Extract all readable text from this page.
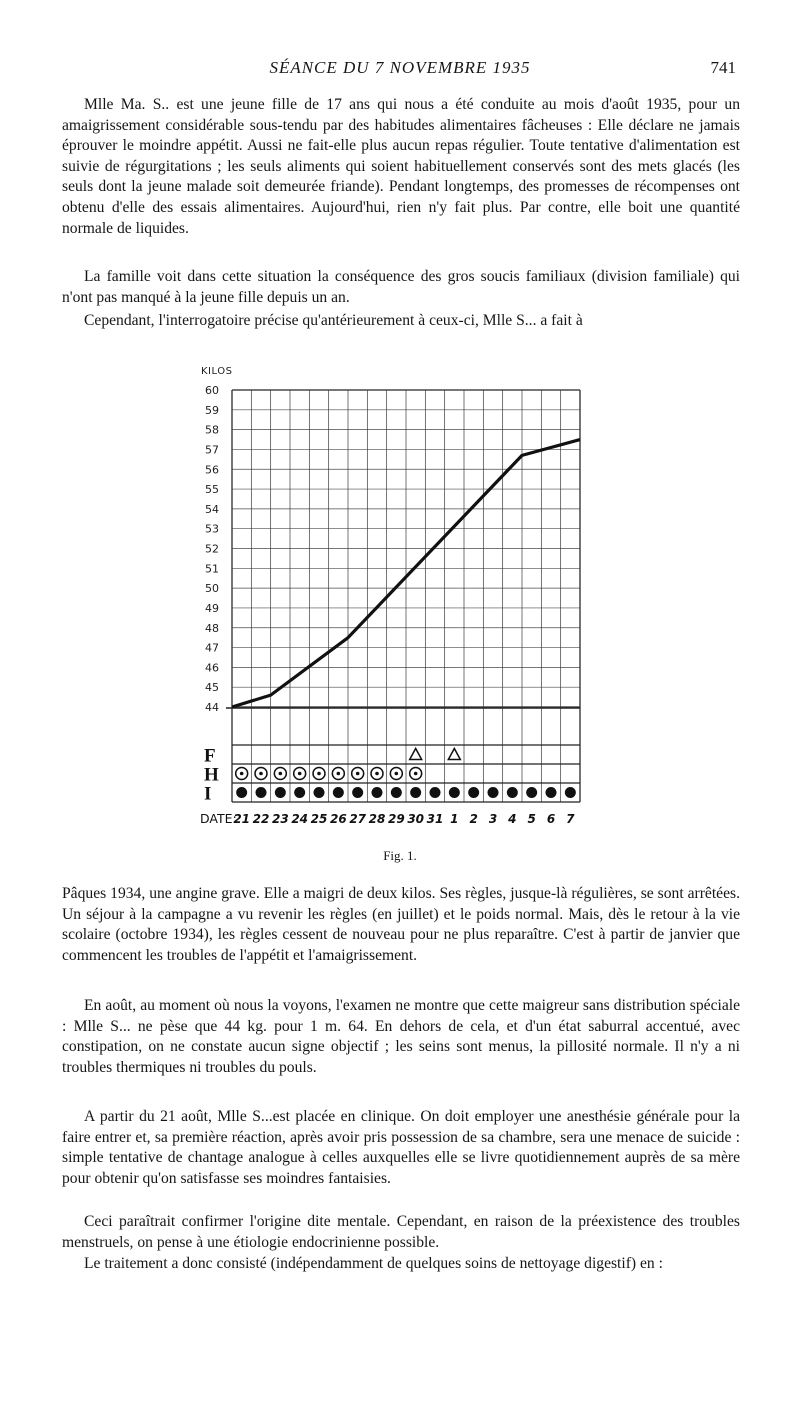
SÉANCE DU 7 NOVEMBRE 1935	741

Mlle Ma. S.. est une jeune fille de 17 ans qui nous a été conduite au mois d'août 1935, pour un amaigrissement considérable sous-tendu par des habitudes alimentaires fâcheuses : Elle déclare ne jamais éprouver le moindre appétit. Aussi ne fait-elle plus aucun repas régulier. Toute tentative d'alimentation est suivie de régurgitations ; les seuls aliments qui soient habituellement conservés sont des mets glacés (les seuls dont la jeune malade soit demeurée friande). Pendant longtemps, des promesses de récompenses ont obtenu d'elle des essais alimentaires. Aujourd'hui, rien n'y fait plus. Par contre, elle boit une quantité normale de liquides.

La famille voit dans cette situation la conséquence des gros soucis familiaux (division familiale) qui n'ont pas manqué à la jeune fille depuis un an.

Cependant, l'interrogatoire précise qu'antérieurement à ceux-ci, Mlle S... a fait à

60
59
58
57
56
55
54
53
52
51
50
49
48
47
46
45
44
KILOS
F
H
I
DATE:
21 22 23 24 25 26 27 28 29 30 31 1 2 3 4 5 6 7
Fig. 1.

Pâques 1934, une angine grave. Elle a maigri de deux kilos. Ses règles, jusque-là régulières, se sont arrêtées. Un séjour à la campagne a vu revenir les règles (en juillet) et le poids normal. Mais, dès le retour à la vie scolaire (octobre 1934), les règles cessent de nouveau pour ne plus reparaître. C'est à partir de janvier que commencent les troubles de l'appétit et l'amaigrissement.

En août, au moment où nous la voyons, l'examen ne montre que cette maigreur sans distribution spéciale : Mlle S... ne pèse que 44 kg. pour 1 m. 64. En dehors de cela, et d'un état saburral accentué, avec constipation, on ne constate aucun signe objectif ; les seins sont menus, la pillosité normale. Il n'y a ni troubles thermiques ni troubles du pouls.

A partir du 21 août, Mlle S...est placée en clinique. On doit employer une anesthésie générale pour la faire entrer et, sa première réaction, après avoir pris possession de sa chambre, sera une menace de suicide : simple tentative de chantage analogue à celles auxquelles elle se livre quotidiennement auprès de sa mère pour obtenir qu'on satisfasse ses moindres fantaisies.

Ceci paraîtrait confirmer l'origine dite mentale. Cependant, en raison de la préexistence des troubles menstruels, on pense à une étiologie endocrinienne possible.

Le traitement a donc consisté (indépendamment de quelques soins de nettoyage digestif) en :
